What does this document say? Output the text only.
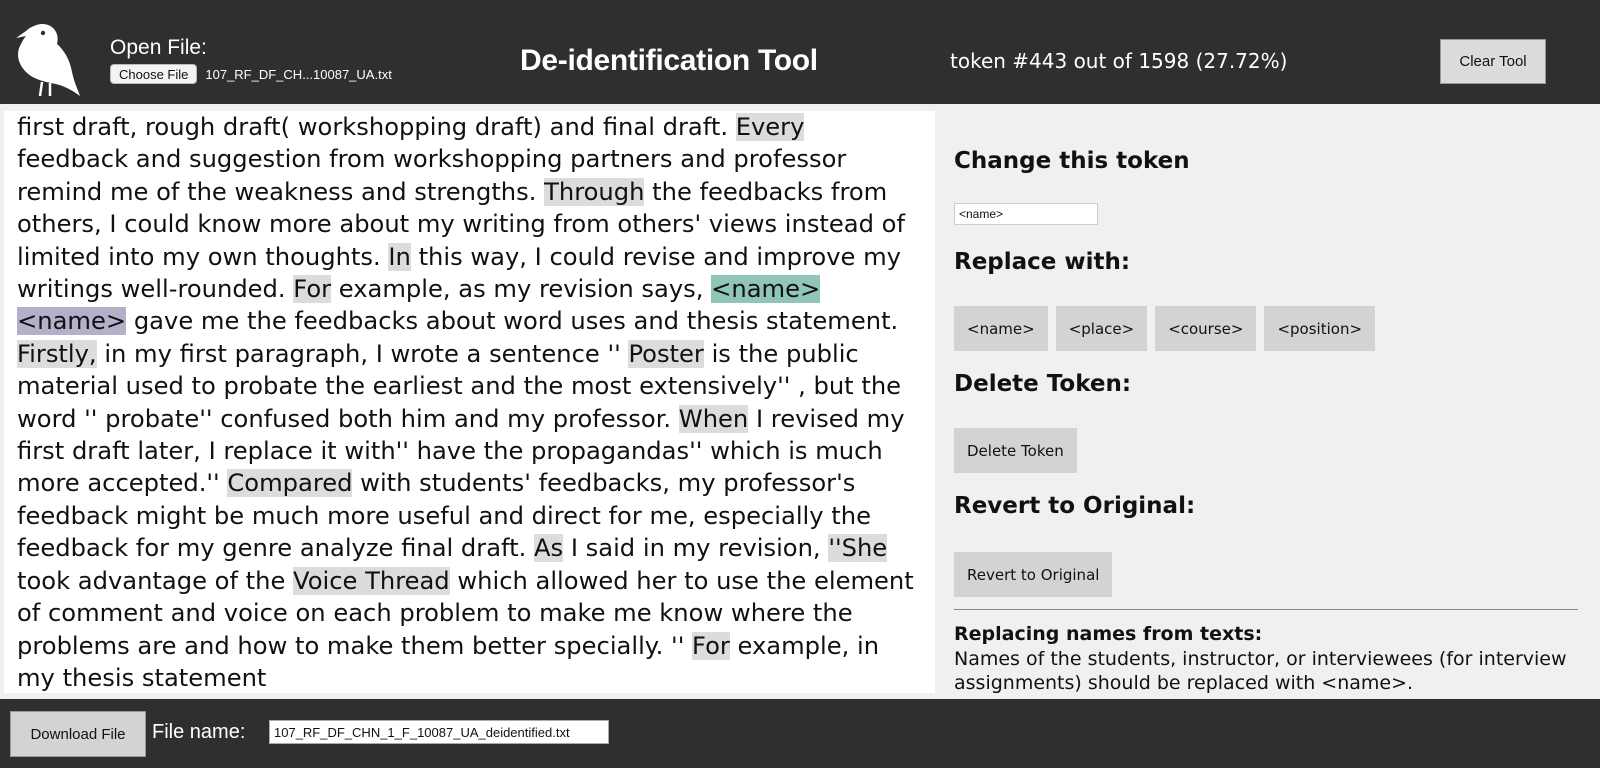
Open File:
Choose File	107_RF_DF_CH...10087_UA.txt	De-identification Tool	token #443 out of 1598 (27.72%)	Clear Tool
first draft, rough draft( workshopping draft) and final draft. Every feedback and suggestion from workshopping partners and professor remind me of the weakness and strengths. Through the feedbacks from others, I could know more about my writing from others' views instead of limited into my own thoughts. In this way, I could revise and improve my writings well-rounded. For example, as my revision says, <name> <name> gave me the feedbacks about word uses and thesis statement. Firstly, in my first paragraph, I wrote a sentence '' Poster is the public material used to probate the earliest and the most extensively'' , but the word '' probate'' confused both him and my professor. When I revised my first draft later, I replace it with'' have the propagandas'' which is much more accepted.'' Compared with students' feedbacks, my professor's feedback might be much more useful and direct for me, especially the feedback for my genre analyze final draft. As I said in my revision, ''She took advantage of the Voice Thread which allowed her to use the element of comment and voice on each problem to make me know where the problems are and how to make them better specially. '' For example, in my thesis statement
Change this token
<name>
Replace with:
<name>	<place>	<course>	<position>
Delete Token:
Delete Token
Revert to Original:
Revert to Original
Replacing names from texts:
Names of the students, instructor, or interviewees (for interview assignments) should be replaced with <name>.
Download File	File name:
107_RF_DF_CHN_1_F_10087_UA_deidentified.txt
